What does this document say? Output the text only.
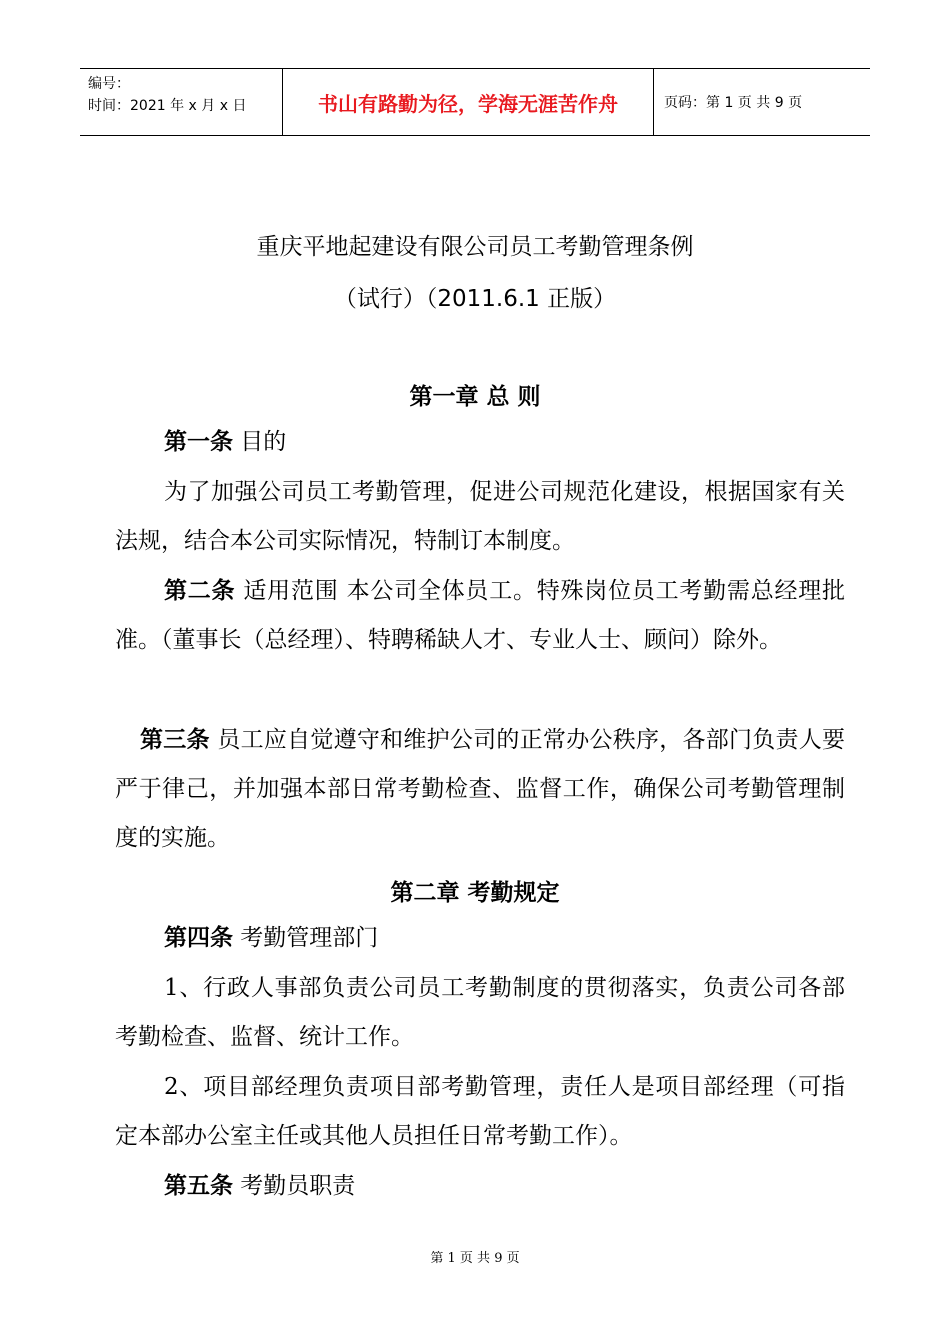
编号：
时间：2021 年 x 月 x 日	书山有路勤为径，学海无涯苦作舟	页码：第 1 页 共 9 页
重庆平地起建设有限公司员工考勤管理条例
（试行）（2011.6.1 正版）
第一章 总 则
第一条 目的
为了加强公司员工考勤管理，促进公司规范化建设，根据国家有关法规，结合本公司实际情况，特制订本制度。
第二条 适用范围 本公司全体员工。特殊岗位员工考勤需总经理批准。（董事长（总经理）、特聘稀缺人才、专业人士、顾问）除外。
第三条 员工应自觉遵守和维护公司的正常办公秩序，各部门负责人要严于律己，并加强本部日常考勤检查、监督工作，确保公司考勤管理制度的实施。
第二章 考勤规定
第四条 考勤管理部门
1、行政人事部负责公司员工考勤制度的贯彻落实，负责公司各部考勤检查、监督、统计工作。
2、项目部经理负责项目部考勤管理，责任人是项目部经理（可指定本部办公室主任或其他人员担任日常考勤工作）。
第五条 考勤员职责
第 1 页 共 9 页
